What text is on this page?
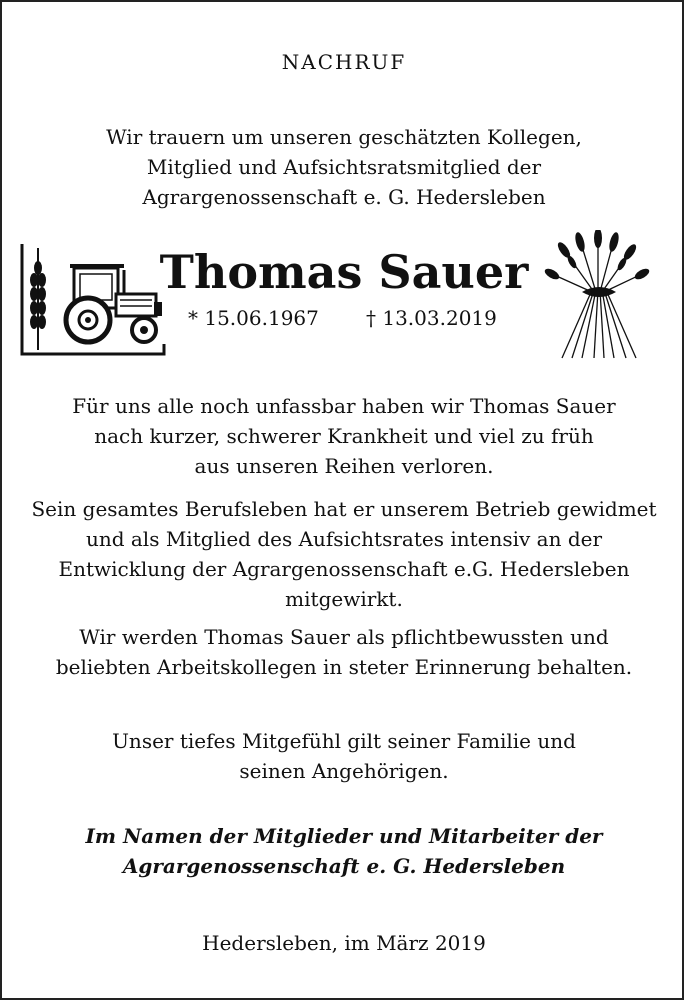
NACHRUF
Wir trauern um unseren geschätzten Kollegen,
Mitglied und Aufsichtsratsmitglied der
Agrargenossenschaft e. G. Hedersleben
Thomas Sauer
* 15.06.1967 † 13.03.2019
Für uns alle noch unfassbar haben wir Thomas Sauer
nach kurzer, schwerer Krankheit und viel zu früh
aus unseren Reihen verloren.
Sein gesamtes Berufsleben hat er unserem Betrieb gewidmet
und als Mitglied des Aufsichtsrates intensiv an der
Entwicklung der Agrargenossenschaft e.G. Hedersleben
mitgewirkt.
Wir werden Thomas Sauer als pflichtbewussten und
beliebten Arbeitskollegen in steter Erinnerung behalten.
Unser tiefes Mitgefühl gilt seiner Familie und
seinen Angehörigen.
Im Namen der Mitglieder und Mitarbeiter der
Agrargenossenschaft e. G. Hedersleben
Hedersleben, im März 2019
